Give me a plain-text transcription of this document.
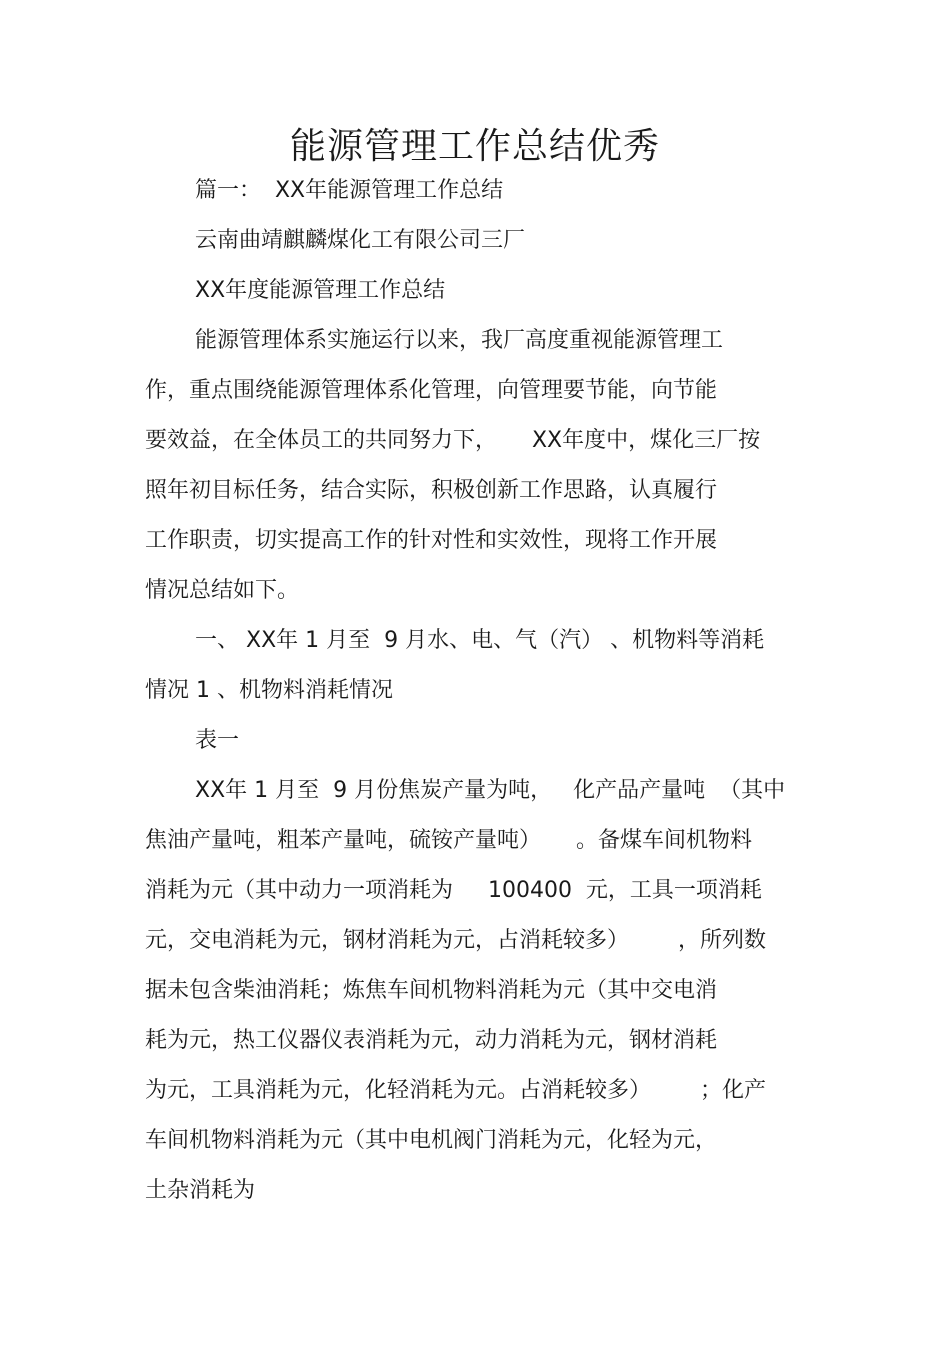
能源管理工作总结优秀
篇一：  XX年能源管理工作总结
云南曲靖麒麟煤化工有限公司三厂
XX年度能源管理工作总结
能源管理体系实施运行以来，我厂高度重视能源管理工
作，重点围绕能源管理体系化管理，向管理要节能，向节能
要效益，在全体员工的共同努力下，     XX年度中，煤化三厂按
照年初目标任务，结合实际，积极创新工作思路，认真履行
工作职责，切实提高工作的针对性和实效性，现将工作开展
情况总结如下。
一、 XX年 1 月至  9 月水、电、气（汽） 、机物料等消耗
情况 1 、机物料消耗情况
表一
XX年 1 月至  9 月份焦炭产量为吨，   化产品产量吨  （其中
焦油产量吨，粗苯产量吨，硫铵产量吨）     。备煤车间机物料
消耗为元（其中动力一项消耗为     100400  元，工具一项消耗
元，交电消耗为元，钢材消耗为元，占消耗较多）       ，所列数
据未包含柴油消耗；炼焦车间机物料消耗为元（其中交电消
耗为元，热工仪器仪表消耗为元，动力消耗为元，钢材消耗
为元，工具消耗为元，化轻消耗为元。占消耗较多）       ；化产
车间机物料消耗为元（其中电机阀门消耗为元，化轻为元，
土杂消耗为
